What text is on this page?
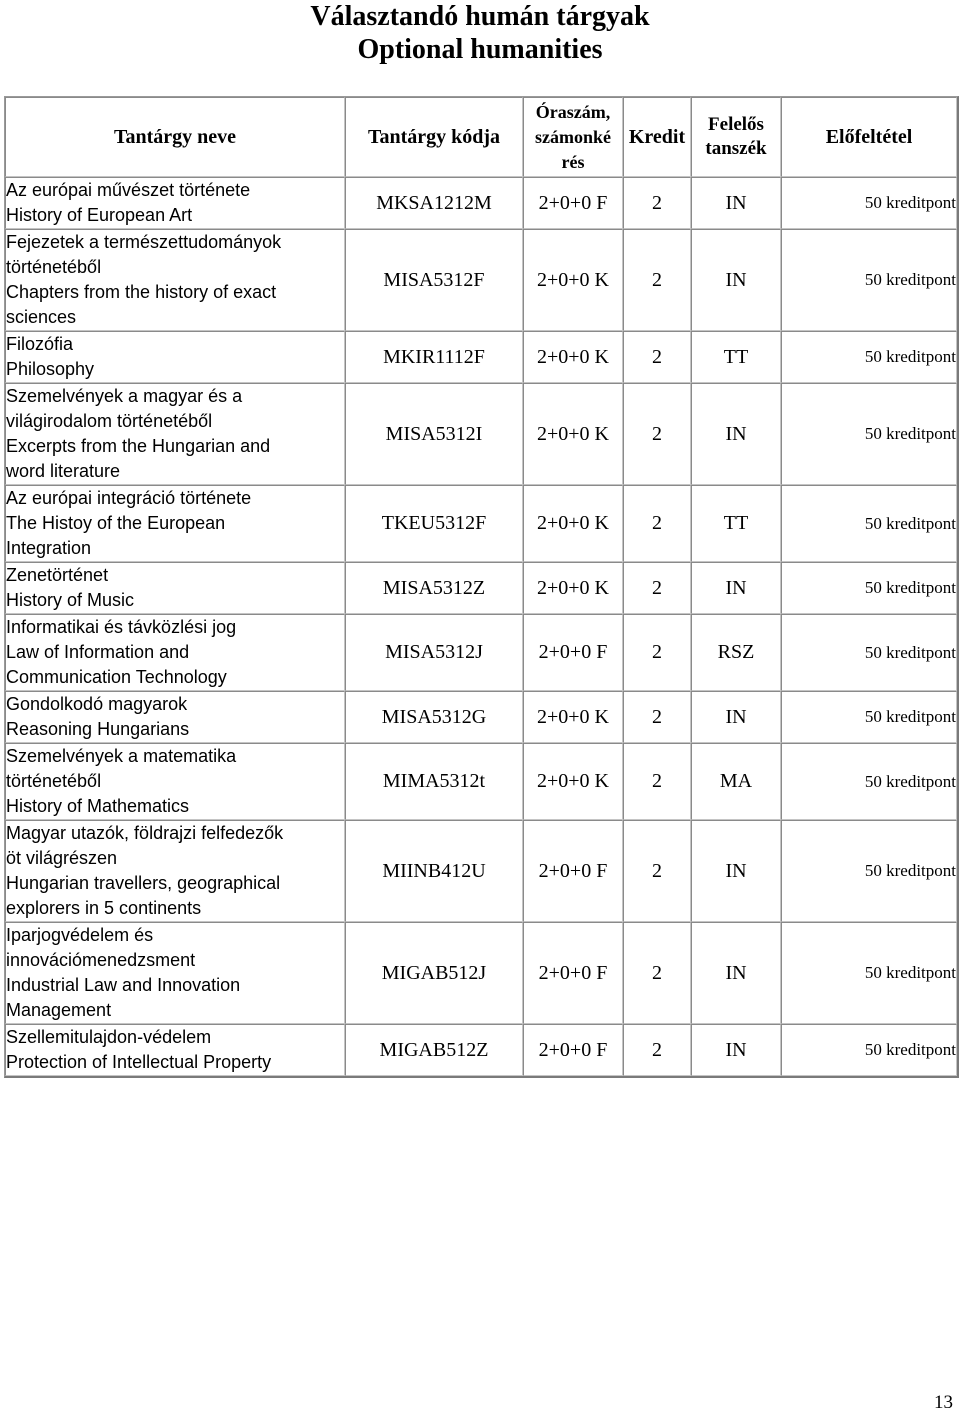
Választandó humán tárgyak
Optional humanities
Tantárgy neve	Tantárgy kódja	Óraszám,
számonké
rés	Kredit	Felelős
tanszék	Előfeltétel

Az európai művészet története
History of European Art	MKSA1212M	2+0+0 F	2	IN	50 kreditpont

Fejezetek a természettudományok
történetéből
Chapters from the history of exact
sciences	MISA5312F	2+0+0 K	2	IN	50 kreditpont

Filozófia
Philosophy	MKIR1112F	2+0+0 K	2	TT	50 kreditpont

Szemelvények a magyar és a
világirodalom történetéből
Excerpts from the Hungarian and
word literature	MISA5312I	2+0+0 K	2	IN	50 kreditpont

Az európai integráció története
The Histoy of the European
Integration	TKEU5312F	2+0+0 K	2	TT	50 kreditpont

Zenetörténet
History of Music	MISA5312Z	2+0+0 K	2	IN	50 kreditpont

Informatikai és távközlési jog
Law of Information and
Communication Technology	MISA5312J	2+0+0 F	2	RSZ	50 kreditpont

Gondolkodó magyarok
Reasoning Hungarians	MISA5312G	2+0+0 K	2	IN	50 kreditpont

Szemelvények a matematika
történetéből
History of Mathematics	MIMA5312t	2+0+0 K	2	MA	50 kreditpont

Magyar utazók, földrajzi felfedezők
öt világrészen
Hungarian travellers, geographical
explorers in 5 continents	MIINB412U	2+0+0 F	2	IN	50 kreditpont

Iparjogvédelem és
innovációmenedzsment
Industrial Law and Innovation
Management	MIGAB512J	2+0+0 F	2	IN	50 kreditpont

Szellemitulajdon-védelem
Protection of Intellectual Property	MIGAB512Z	2+0+0 F	2	IN	50 kreditpont
13
